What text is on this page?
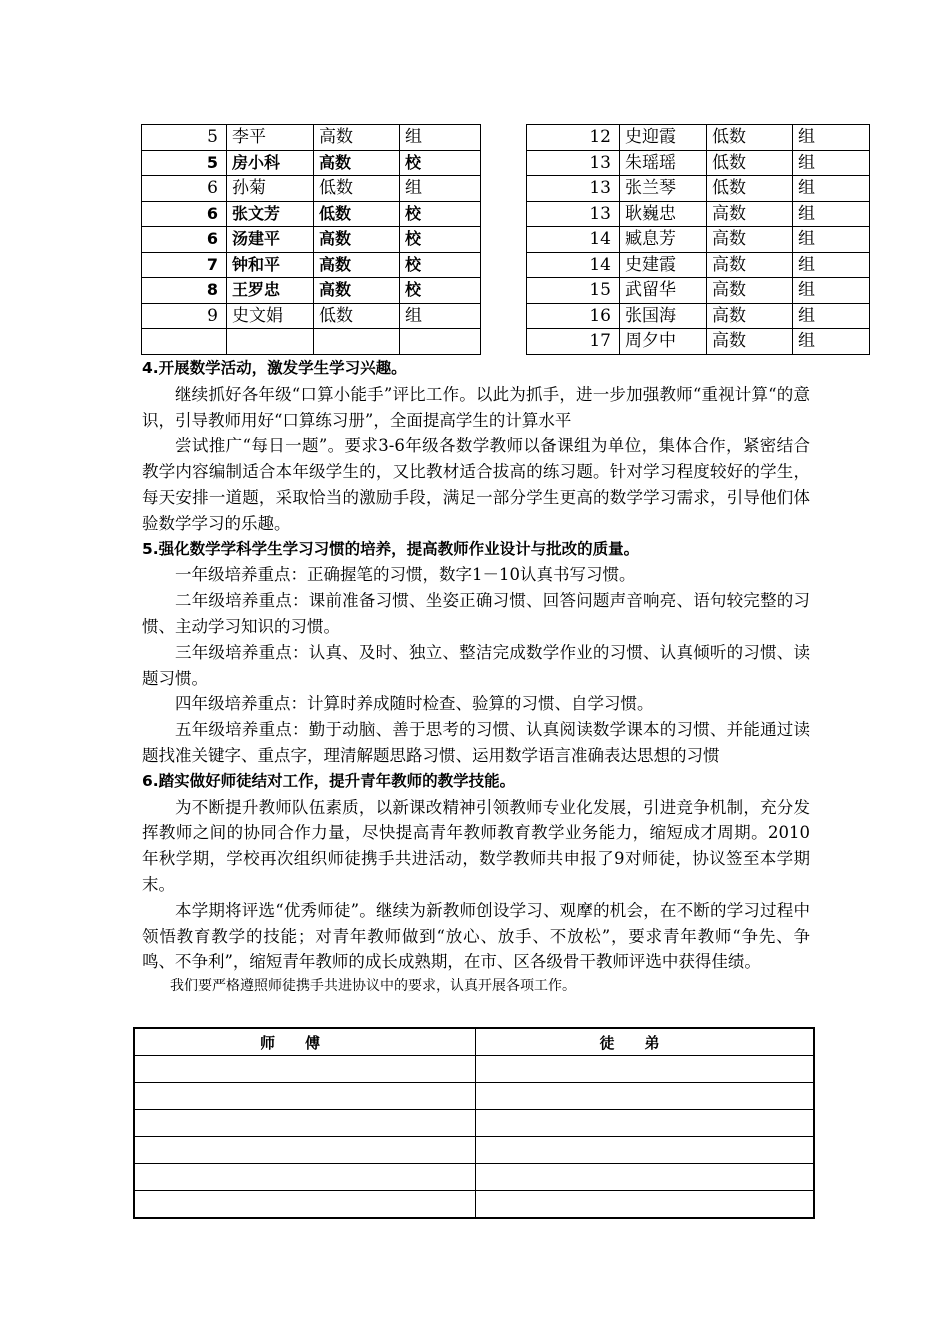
5	李平	高数	组
5	房小科	高数	校
6	孙菊	低数	组
6	张文芳	低数	校
6	汤建平	高数	校
7	钟和平	高数	校
8	王罗忠	高数	校
9	史文娟	低数	组

12	史迎霞	低数	组
13	朱瑶瑶	低数	组
13	张兰琴	低数	组
13	耿巍忠	高数	组
14	臧息芳	高数	组
14	史建霞	高数	组
15	武留华	高数	组
16	张国海	高数	组
17	周夕中	高数	组
4.开展数学活动，激发学生学习兴趣。

继续抓好各年级“口算小能手”评比工作。以此为抓手，进一步加强教师“重视计算“的意识，引导教师用好“口算练习册”，全面提高学生的计算水平

尝试推广“每日一题”。要求3-6年级各数学教师以备课组为单位，集体合作，紧密结合教学内容编制适合本年级学生的，又比教材适合拔高的练习题。针对学习程度较好的学生，每天安排一道题，采取恰当的激励手段，满足一部分学生更高的数学学习需求，引导他们体验数学学习的乐趣。

5.强化数学学科学生学习习惯的培养，提高教师作业设计与批改的质量。

一年级培养重点：正确握笔的习惯，数字1－10认真书写习惯。

二年级培养重点：课前准备习惯、坐姿正确习惯、回答问题声音响亮、语句较完整的习惯、主动学习知识的习惯。

三年级培养重点：认真、及时、独立、整洁完成数学作业的习惯、认真倾听的习惯、读题习惯。

四年级培养重点：计算时养成随时检查、验算的习惯、自学习惯。

五年级培养重点：勤于动脑、善于思考的习惯、认真阅读数学课本的习惯、并能通过读题找准关键字、重点字，理清解题思路习惯、运用数学语言准确表达思想的习惯

6.踏实做好师徒结对工作，提升青年教师的教学技能。

为不断提升教师队伍素质，以新课改精神引领教师专业化发展，引进竞争机制，充分发挥教师之间的协同合作力量，尽快提高青年教师教育教学业务能力，缩短成才周期。2010年秋学期，学校再次组织师徒携手共进活动，数学教师共申报了9对师徒，协议签至本学期末。

本学期将评选“优秀师徒”。继续为新教师创设学习、观摩的机会，在不断的学习过程中领悟教育教学的技能；对青年教师做到“放心、放手、不放松”，要求青年教师“争先、争鸣、不争利”，缩短青年教师的成长成熟期，在市、区各级骨干教师评选中获得佳绩。

我们要严格遵照师徒携手共进协议中的要求，认真开展各项工作。

师傅	徒弟
